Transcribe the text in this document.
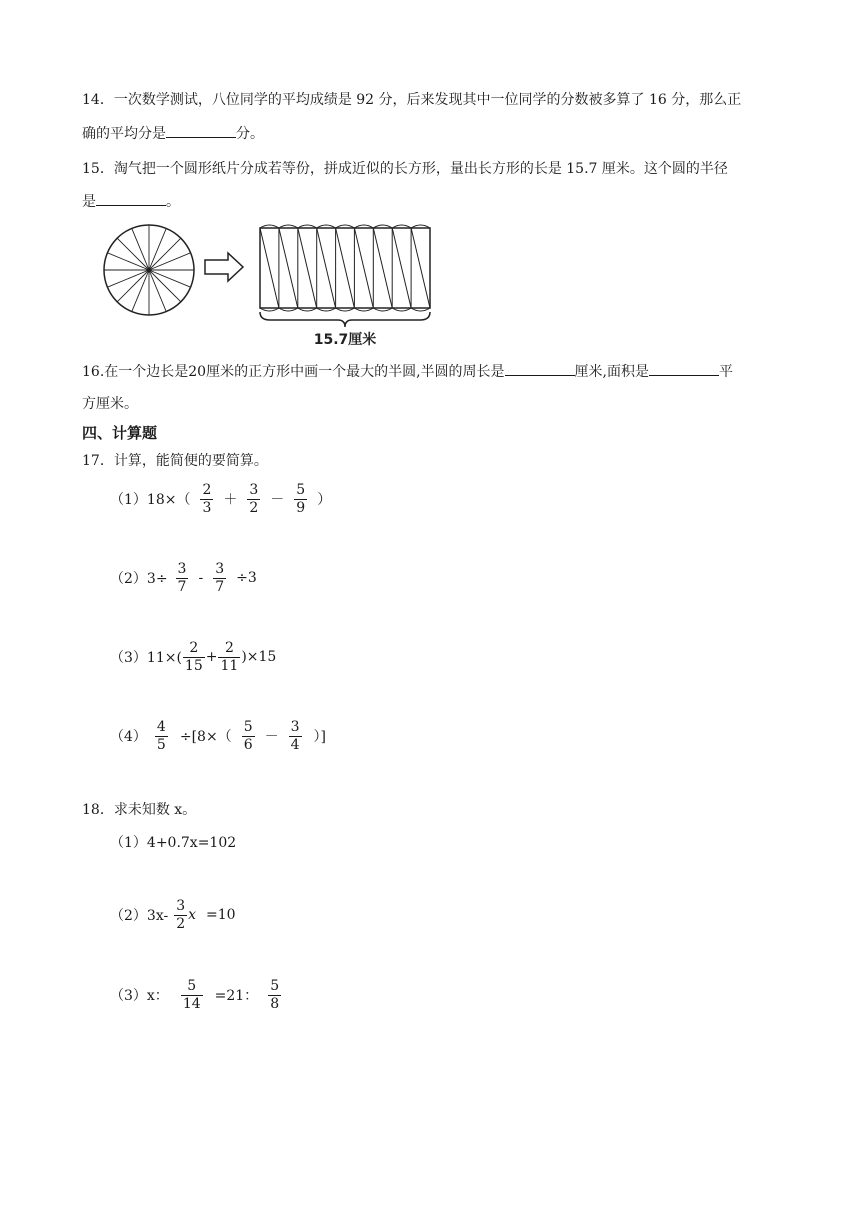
14．一次数学测试，八位同学的平均成绩是 92 分，后来发现其中一位同学的分数被多算了 16 分，那么正
确的平均分是	分。
15．淘气把一个圆形纸片分成若等份，拼成近似的长方形，量出长方形的长是 15.7 厘米。这个圆的半径
是	。
15.7厘米
16.在一个边长是20厘米的正方形中画一个最大的半圆,半圆的周长是	厘米,面积是	平
方厘米。
四、计算题
17．计算，能简便的要简算。
$(1)18\times( \frac{2}{3} + \frac{3}{2} - \frac{5}{9}$ ）
$(2)3\div \frac{3}{7} - \frac{3}{7} \div 3$
$(3)11\times( \frac{2}{15} + \frac{2}{11} )\times 15$
$(4) \frac{4}{5} \div[8\times( \frac{5}{6} - \frac{3}{4}$ ）]
18．求未知数 x。
（1）4+0.7x=102
$(2)3x- \frac{3}{2}$ x =10
（3）x： $\frac{5}{14} =21$： $\frac{5}{8}$
